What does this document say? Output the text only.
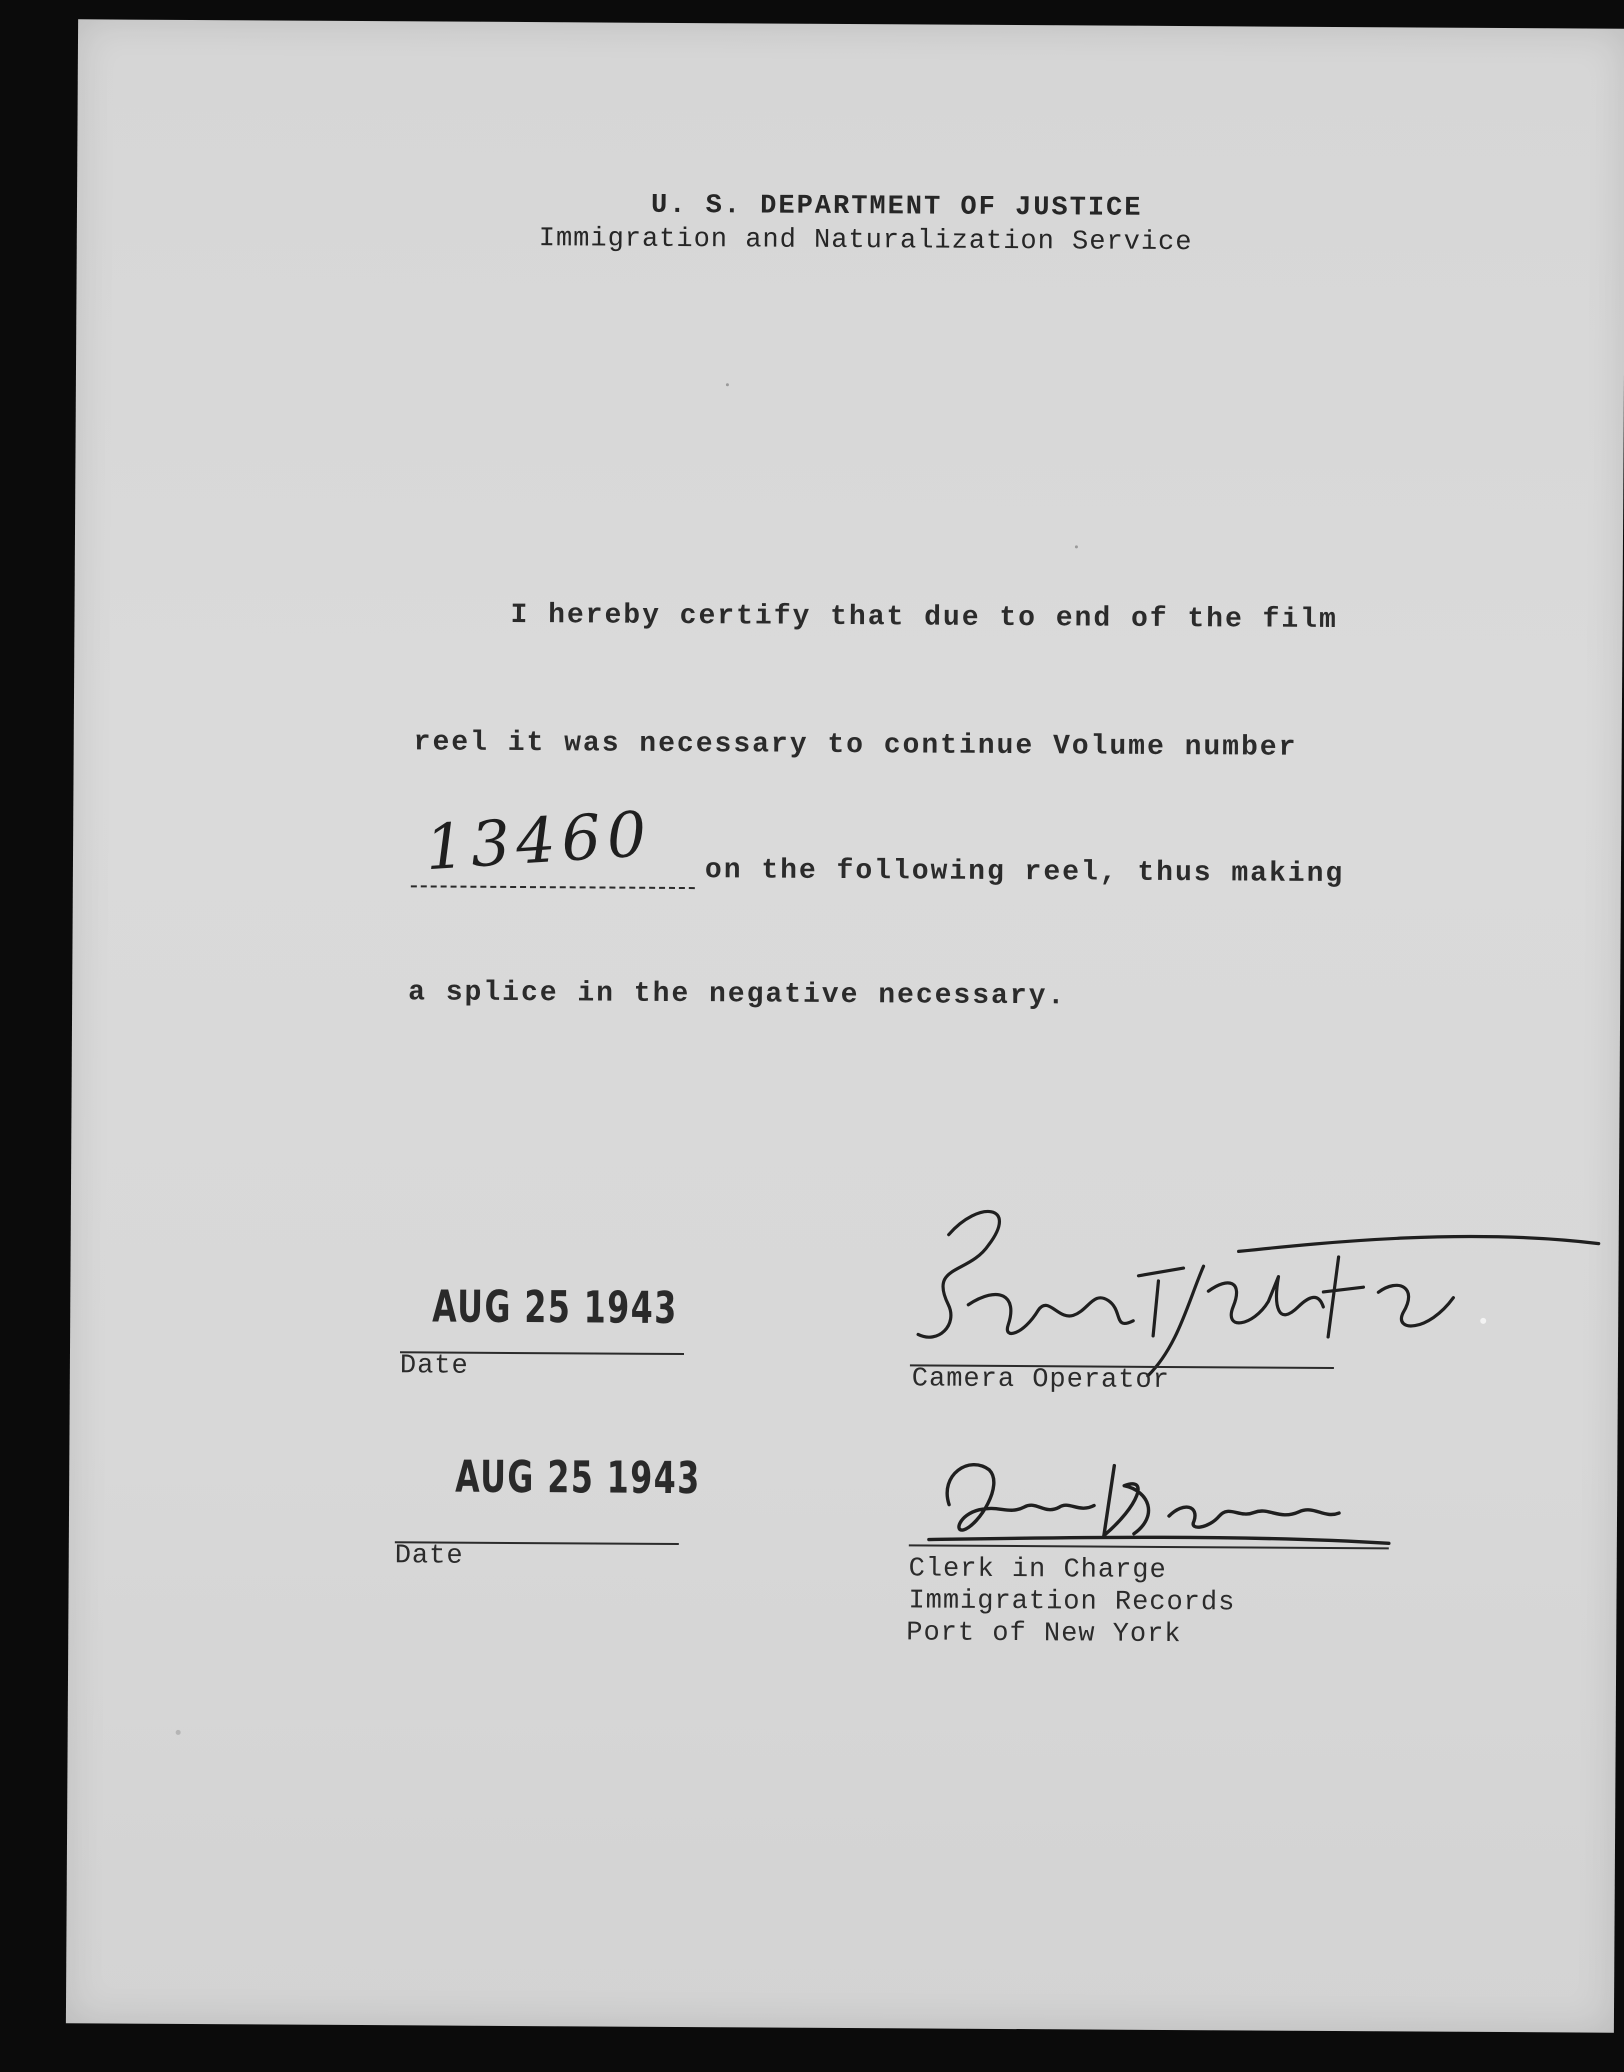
U. S. DEPARTMENT OF JUSTICE
Immigration and Naturalization Service
I hereby certify that due to end of the film
reel it was necessary to continue Volume number
13460 on the following reel, thus making
a splice in the negative necessary.
AUG 25 1943
Date
AUG 25 1943
Date
Camera Operator
Clerk in Charge
Immigration Records
Port of New York
